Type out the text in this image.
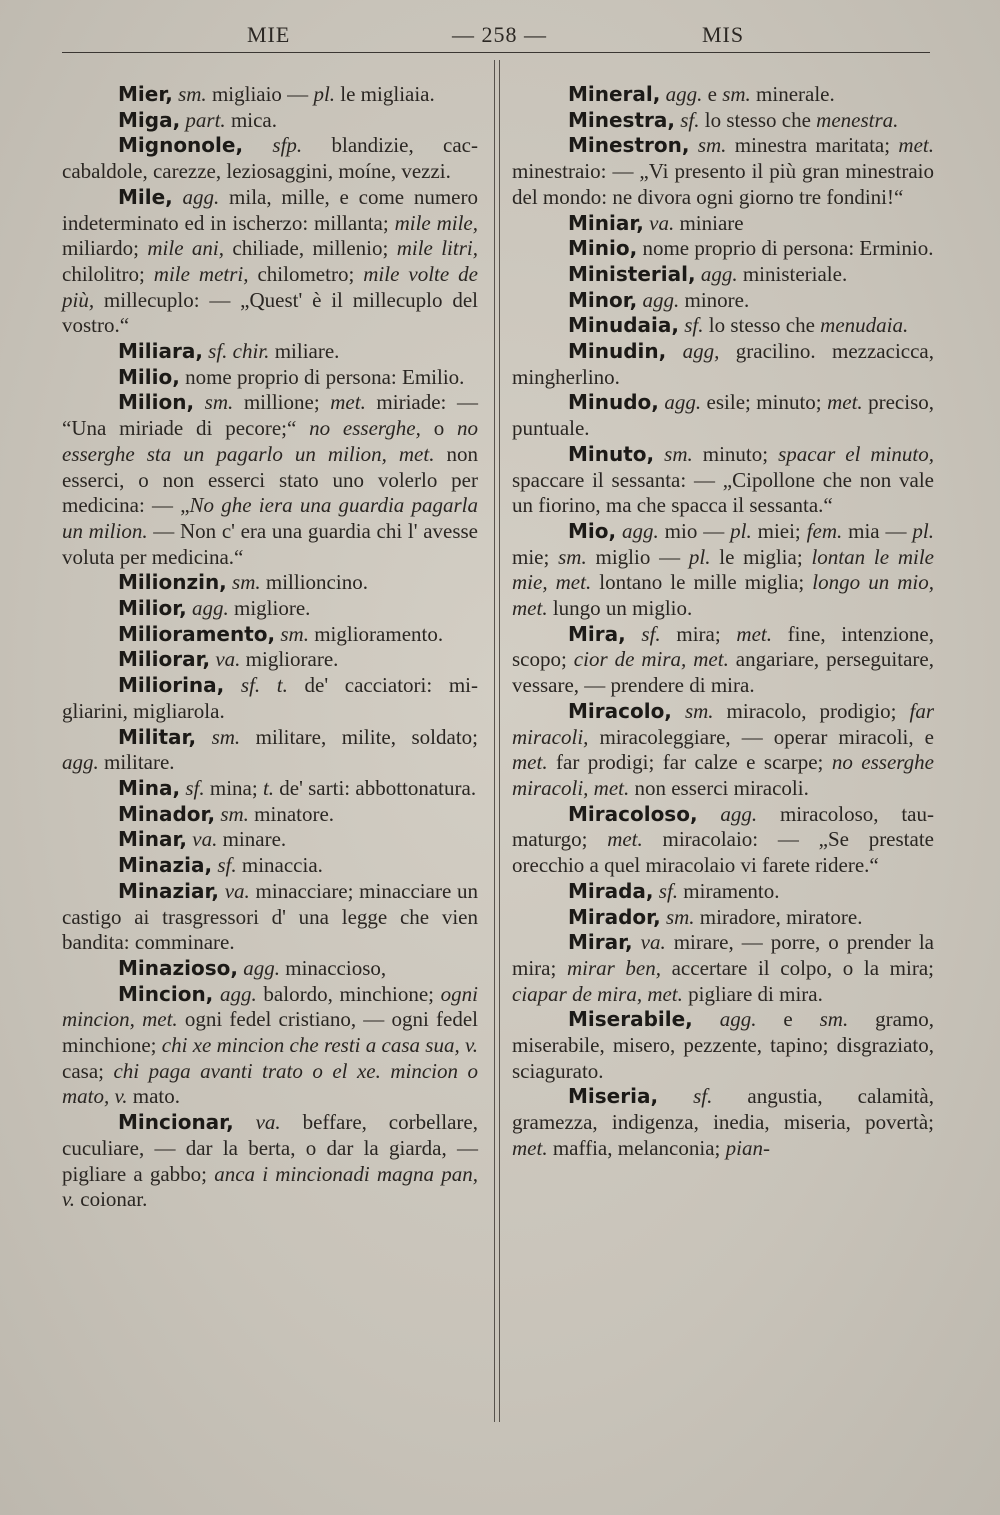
MIE	— 258 —	MIS

Mier, sm. migliaio — pl. le migliaia.

Miga, part. mica.

Mignonole, sfp. blandizie, caccabaldole, carezze, leziosaggini, moíne, vezzi.

Mile, agg. mila, mille, e come numero indeterminato ed in ischerzo: millanta; mile mile, miliardo; mile ani, chiliade, millenio; mile litri, chilolitro; mile metri, chilometro; mile volte de più, millecuplo: — „Quest' è il millecuplo del vostro.“

Miliara, sf. chir. miliare.

Milio, nome proprio di persona: Emilio.

Milion, sm. millione; met. miriade: — “Una miriade di pecore;“ no esserghe, o no esserghe sta un pagarlo un milion, met. non esserci, o non esserci stato uno volerlo per medicina: — „No ghe iera una guardia pagarla un milion. — Non c' era una guardia chi l' avesse voluta per medicina.“

Milionzin, sm. millioncino.

Milior, agg. migliore.

Milioramento, sm. miglioramento.

Miliorar, va. migliorare.

Miliorina, sf. t. de' cacciatori: migliarini, migliarola.

Militar, sm. militare, milite, soldato; agg. militare.

Mina, sf. mina; t. de' sarti: abbottonatura.

Minador, sm. minatore.

Minar, va. minare.

Minazia, sf. minaccia.

Minaziar, va. minacciare; minacciare un castigo ai trasgressori d' una legge che vien bandita: comminare.

Minazioso, agg. minaccioso,

Mincion, agg. balordo, minchione; ogni mincion, met. ogni fedel cristiano, — ogni fedel minchione; chi xe mincion che resti a casa sua, v. casa; chi paga avanti trato o el xe. mincion o mato, v. mato.

Mincionar, va. beffare, corbellare, cuculiare, — dar la berta, o dar la giarda, — pigliare a gabbo; anca i mincionadi magna pan, v. coionar.

Mineral, agg. e sm. minerale.

Minestra, sf. lo stesso che menestra.

Minestron, sm. minestra maritata; met. minestraio: — „Vi presento il più gran minestraio del mondo: ne divora ogni giorno tre fondini!“

Miniar, va. miniare

Minio, nome proprio di persona: Erminio.

Ministerial, agg. ministeriale.

Minor, agg. minore.

Minudaia, sf. lo stesso che menudaia.

Minudin, agg, gracilino. mezzacicca, mingherlino.

Minudo, agg. esile; minuto; met. preciso, puntuale.

Minuto, sm. minuto; spacar el minuto, spaccare il sessanta: — „Cipollone che non vale un fiorino, ma che spacca il sessanta.“

Mio, agg. mio — pl. miei; fem. mia — pl. mie; sm. miglio — pl. le miglia; lontan le mile mie, met. lontano le mille miglia; longo un mio, met. lungo un miglio.

Mira, sf. mira; met. fine, intenzione, scopo; cior de mira, met. angariare, perseguitare, vessare, — prendere di mira.

Miracolo, sm. miracolo, prodigio; far miracoli, miracoleggiare, — operar miracoli, e met. far prodigi; far calze e scarpe; no esserghe miracoli, met. non esserci miracoli.

Miracoloso, agg. miracoloso, taumaturgo; met. miracolaio: — „Se prestate orecchio a quel miracolaio vi farete ridere.“

Mirada, sf. miramento.

Mirador, sm. miradore, miratore.

Mirar, va. mirare, — porre, o prender la mira; mirar ben, accertare il colpo, o la mira; ciapar de mira, met. pigliare di mira.

Miserabile, agg. e sm. gramo, miserabile, misero, pezzente, tapino; disgraziato, sciagurato.

Miseria, sf. angustia, calamità, gramezza, indigenza, inedia, miseria, povertà; met. maffia, melanconia; pian-
